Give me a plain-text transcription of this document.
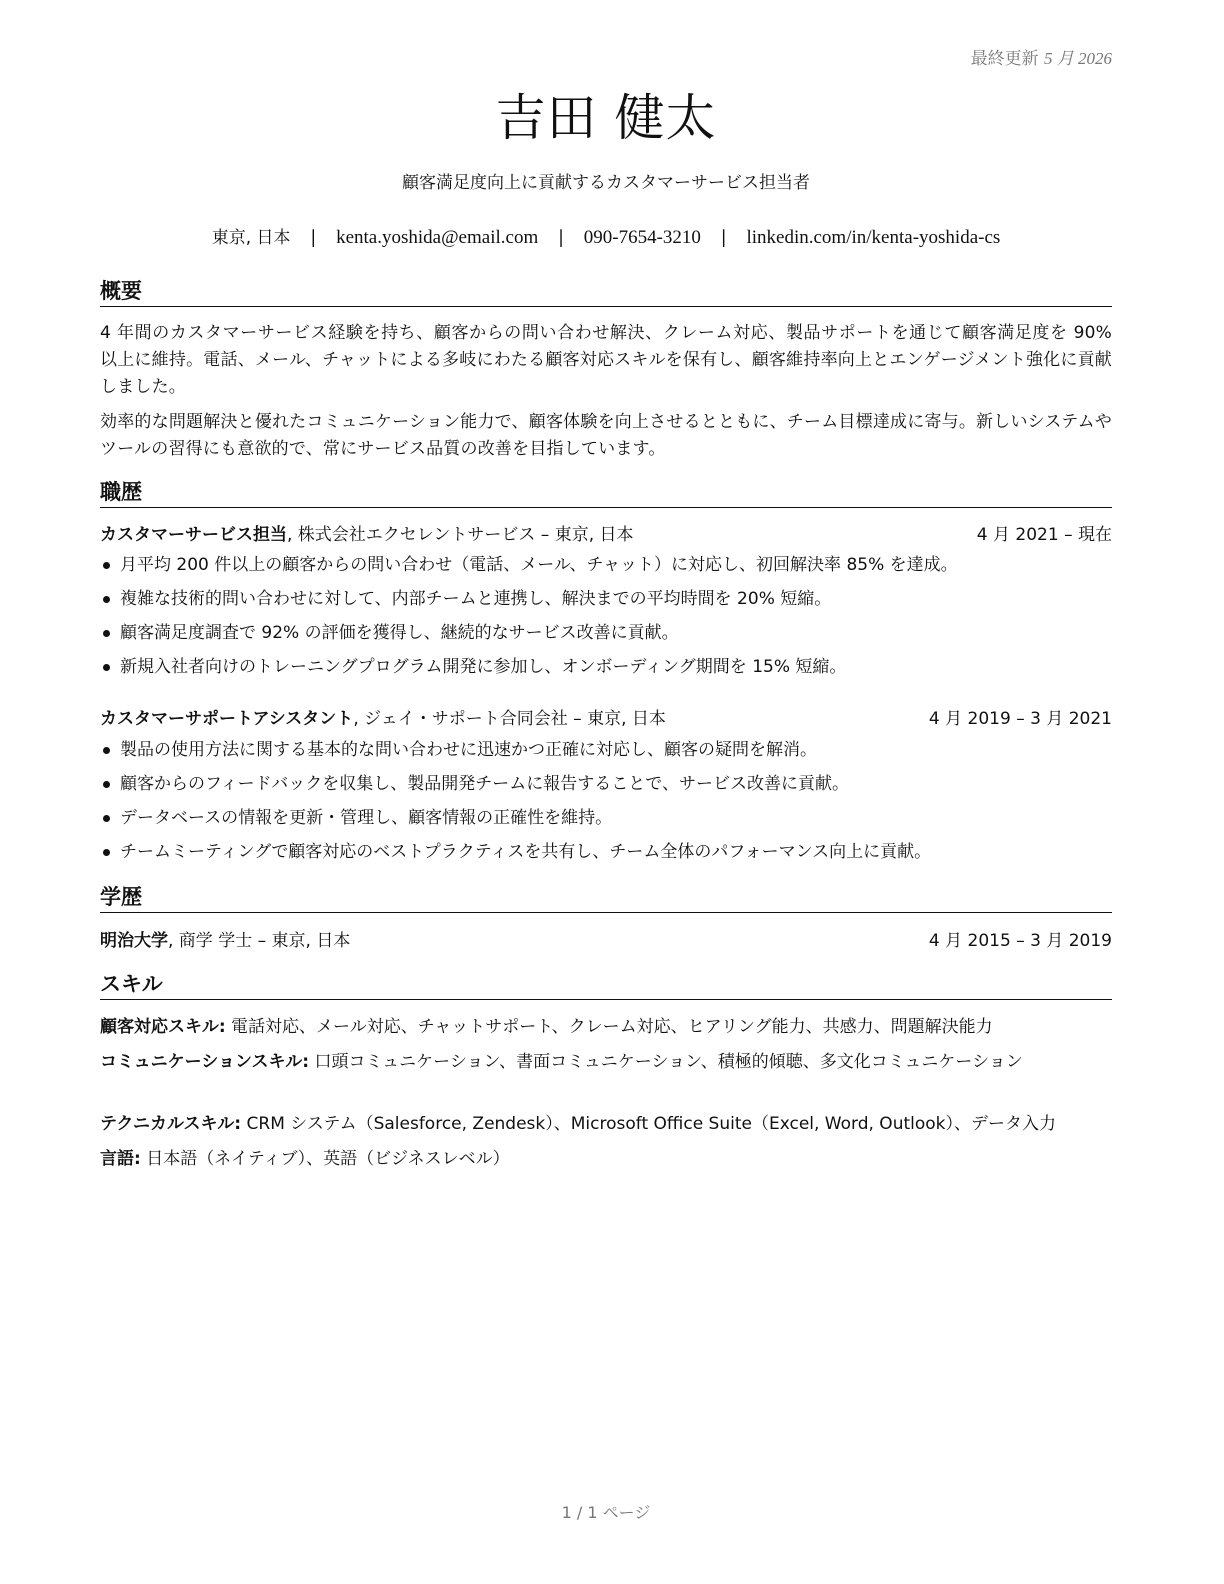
最終更新 5 月 2026
吉田 健太
顧客満足度向上に貢献するカスタマーサービス担当者
東京, 日本 | kenta.yoshida@email.com | 090-7654-3210 | linkedin.com/in/kenta-yoshida-cs
概要
4 年間のカスタマーサービス経験を持ち、顧客からの問い合わせ解決、クレーム対応、製品サポートを通じて顧客満足度を 90% 以上に維持。電話、メール、チャットによる多岐にわたる顧客対応スキルを保有し、顧客維持率向上とエンゲージメント強化に貢献しました。
効率的な問題解決と優れたコミュニケーション能力で、顧客体験を向上させるとともに、チーム目標達成に寄与。新しいシステムやツールの習得にも意欲的で、常にサービス品質の改善を目指しています。
職歴
カスタマーサービス担当, 株式会社エクセレントサービス – 東京, 日本	4 月 2021 – 現在
月平均 200 件以上の顧客からの問い合わせ（電話、メール、チャット）に対応し、初回解決率 85% を達成。
複雑な技術的問い合わせに対して、内部チームと連携し、解決までの平均時間を 20% 短縮。
顧客満足度調査で 92% の評価を獲得し、継続的なサービス改善に貢献。
新規入社者向けのトレーニングプログラム開発に参加し、オンボーディング期間を 15% 短縮。
カスタマーサポートアシスタント, ジェイ・サポート合同会社 – 東京, 日本	4 月 2019 – 3 月 2021
製品の使用方法に関する基本的な問い合わせに迅速かつ正確に対応し、顧客の疑問を解消。
顧客からのフィードバックを収集し、製品開発チームに報告することで、サービス改善に貢献。
データベースの情報を更新・管理し、顧客情報の正確性を維持。
チームミーティングで顧客対応のベストプラクティスを共有し、チーム全体のパフォーマンス向上に貢献。
学歴
明治大学, 商学 学士 – 東京, 日本	4 月 2015 – 3 月 2019
スキル
顧客対応スキル: 電話対応、メール対応、チャットサポート、クレーム対応、ヒアリング能力、共感力、問題解決能力
コミュニケーションスキル: 口頭コミュニケーション、書面コミュニケーション、積極的傾聴、多文化コミュニケーション
テクニカルスキル: CRM システム（Salesforce, Zendesk）、Microsoft Office Suite（Excel, Word, Outlook）、データ入力
言語: 日本語（ネイティブ）、英語（ビジネスレベル）
1 / 1 ページ
